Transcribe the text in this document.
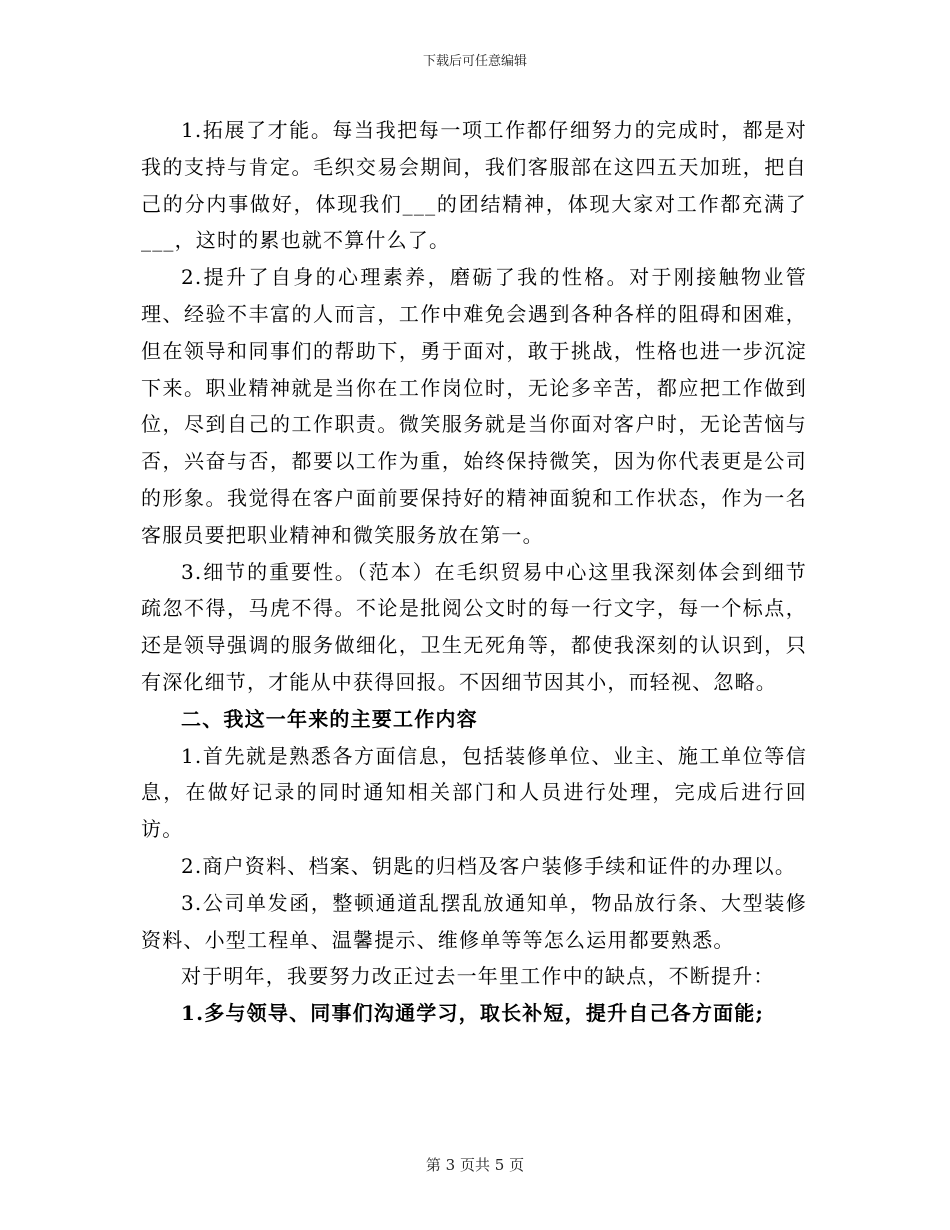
下载后可任意编辑

1.拓展了才能。每当我把每一项工作都仔细努力的完成时，都是对我的支持与肯定。毛织交易会期间，我们客服部在这四五天加班，把自己的分内事做好，体现我们___的团结精神，体现大家对工作都充满了___，这时的累也就不算什么了。

2.提升了自身的心理素养，磨砺了我的性格。对于刚接触物业管理、经验不丰富的人而言，工作中难免会遇到各种各样的阻碍和困难，但在领导和同事们的帮助下，勇于面对，敢于挑战，性格也进一步沉淀下来。职业精神就是当你在工作岗位时，无论多辛苦，都应把工作做到位，尽到自己的工作职责。微笑服务就是当你面对客户时，无论苦恼与否，兴奋与否，都要以工作为重，始终保持微笑，因为你代表更是公司的形象。我觉得在客户面前要保持好的精神面貌和工作状态，作为一名客服员要把职业精神和微笑服务放在第一。

3.细节的重要性。（范本）在毛织贸易中心这里我深刻体会到细节疏忽不得，马虎不得。不论是批阅公文时的每一行文字，每一个标点，还是领导强调的服务做细化，卫生无死角等，都使我深刻的认识到，只有深化细节，才能从中获得回报。不因细节因其小，而轻视、忽略。

二、我这一年来的主要工作内容

1.首先就是熟悉各方面信息，包括装修单位、业主、施工单位等信息，在做好记录的同时通知相关部门和人员进行处理，完成后进行回访。

2.商户资料、档案、钥匙的归档及客户装修手续和证件的办理以。

3.公司单发函，整顿通道乱摆乱放通知单，物品放行条、大型装修资料、小型工程单、温馨提示、维修单等等怎么运用都要熟悉。

对于明年，我要努力改正过去一年里工作中的缺点，不断提升：

1.多与领导、同事们沟通学习，取长补短，提升自己各方面能;

第 3 页共 5 页
